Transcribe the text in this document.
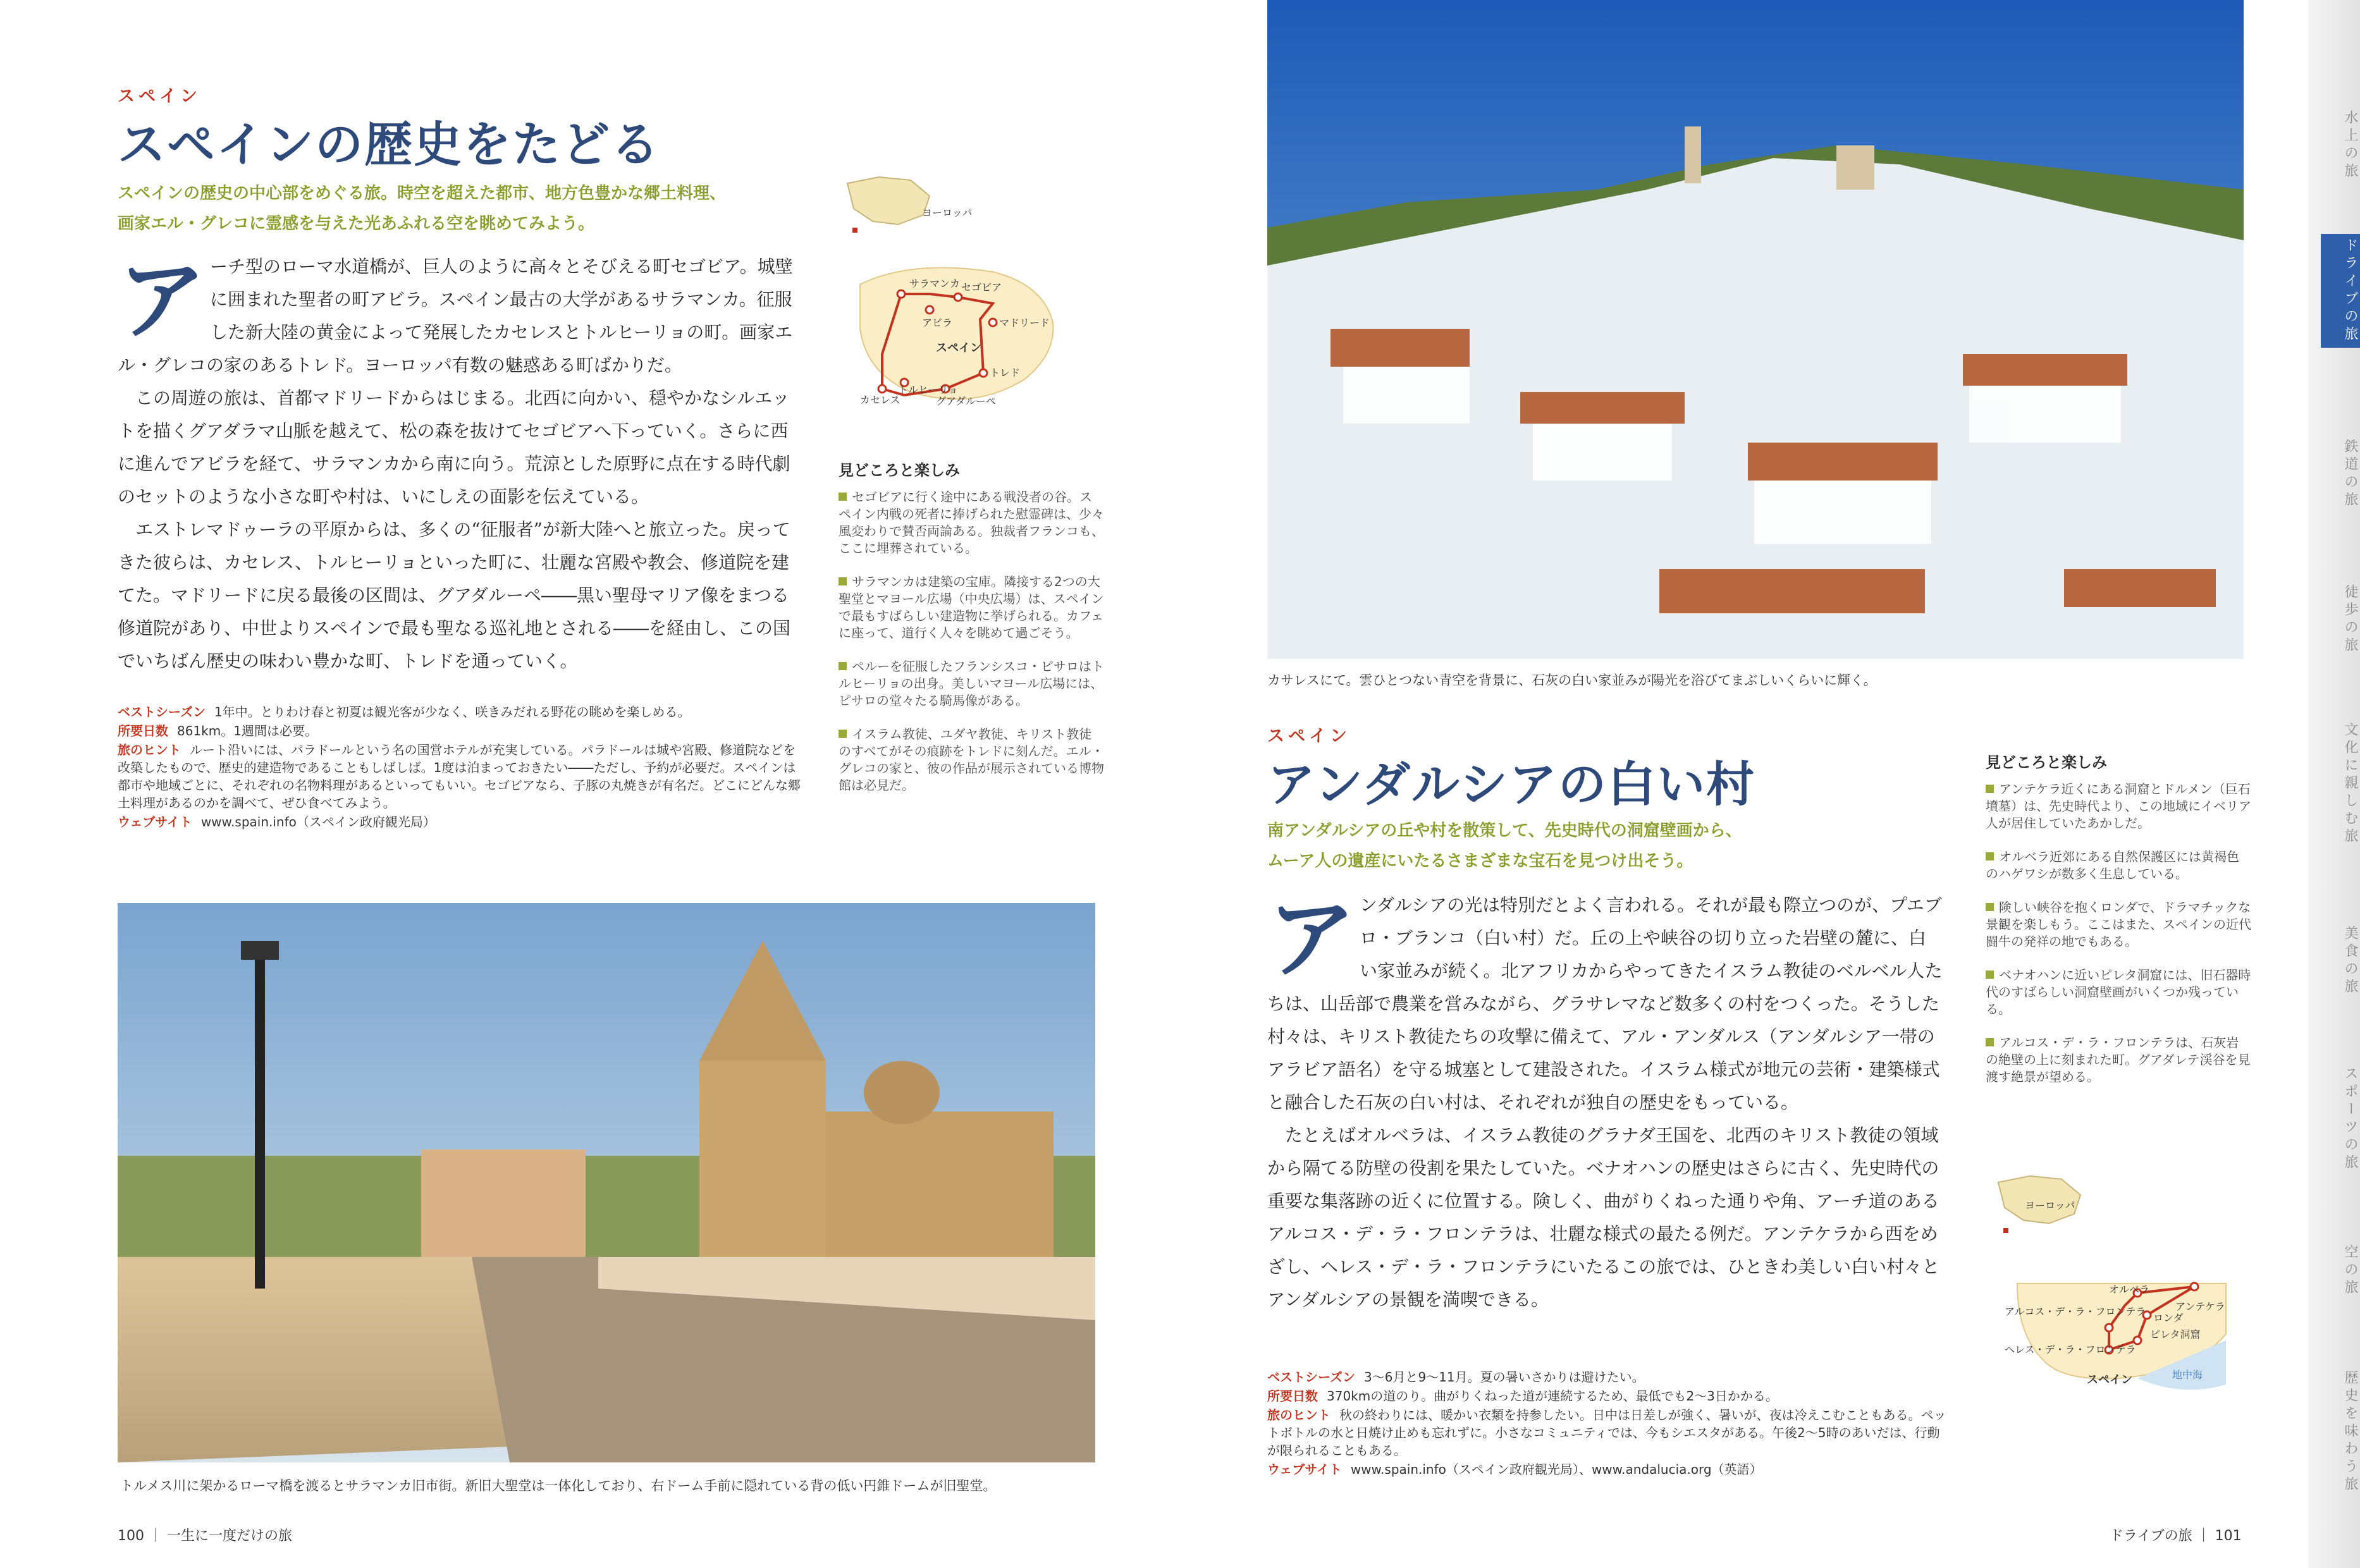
スペイン
スペインの歴史をたどる
スペインの歴史の中心部をめぐる旅。時空を超えた都市、地方色豊かな郷土料理、
画家エル・グレコに霊感を与えた光あふれる空を眺めてみよう。
ア ーチ型のローマ水道橋が、巨人のように高々とそびえる町セゴビア。城壁に囲まれた聖者の町アビラ。スペイン最古の大学があるサラマンカ。征服した新大陸の黄金によって発展したカセレスとトルヒーリョの町。画家エル・グレコの家のあるトレド。ヨーロッパ有数の魅惑ある町ばかりだ。

この周遊の旅は、首都マドリードからはじまる。北西に向かい、穏やかなシルエットを描くグアダラマ山脈を越えて、松の森を抜けてセゴビアへ下っていく。さらに西に進んでアビラを経て、サラマンカから南に向う。荒涼とした原野に点在する時代劇のセットのような小さな町や村は、いにしえの面影を伝えている。

エストレマドゥーラの平原からは、多くの“征服者”が新大陸へと旅立った。戻ってきた彼らは、カセレス、トルヒーリョといった町に、壮麗な宮殿や教会、修道院を建てた。マドリードに戻る最後の区間は、グアダルーペ――黒い聖母マリア像をまつる修道院があり、中世よりスペインで最も聖なる巡礼地とされる――を経由し、この国でいちばん歴史の味わい豊かな町、トレドを通っていく。

ベストシーズン 1年中。とりわけ春と初夏は観光客が少なく、咲きみだれる野花の眺めを楽しめる。
所要日数 861km。1週間は必要。
旅のヒント ルート沿いには、パラドールという名の国営ホテルが充実している。パラドールは城や宮殿、修道院などを改築したもので、歴史的建造物であることもしばしば。1度は泊まっておきたい――ただし、予約が必要だ。スペインは都市や地域ごとに、それぞれの名物料理があるといってもいい。セゴビアなら、子豚の丸焼きが有名だ。どこにどんな郷土料理があるのかを調べて、ぜひ食べてみよう。
ウェブサイト www.spain.info（スペイン政府観光局）
ヨーロッパ
サラマンカ セゴビア
アビラ	マドリード
トレド
トルヒーリョ
カセレス	グアダルーペ
スペイン
見どころと楽しみ
セゴビアに行く途中にある戦没者の谷。スペイン内戦の死者に捧げられた慰霊碑は、少々風変わりで賛否両論ある。独裁者フランコも、ここに埋葬されている。
サラマンカは建築の宝庫。隣接する2つの大聖堂とマヨール広場（中央広場）は、スペインで最もすばらしい建造物に挙げられる。カフェに座って、道行く人々を眺めて過ごそう。
ペルーを征服したフランシスコ・ピサロはトルヒーリョの出身。美しいマヨール広場には、ピサロの堂々たる騎馬像がある。
イスラム教徒、ユダヤ教徒、キリスト教徒のすべてがその痕跡をトレドに刻んだ。エル・グレコの家と、彼の作品が展示されている博物館は必見だ。
トルメス川に架かるローマ橋を渡るとサラマンカ旧市街。新旧大聖堂は一体化しており、右ドーム手前に隠れている背の低い円錐ドームが旧聖堂。
100 ｜ 一生に一度だけの旅
カサレスにて。雲ひとつない青空を背景に、石灰の白い家並みが陽光を浴びてまぶしいくらいに輝く。
スペイン
アンダルシアの白い村
南アンダルシアの丘や村を散策して、先史時代の洞窟壁画から、
ムーア人の遺産にいたるさまざまな宝石を見つけ出そう。
ア ンダルシアの光は特別だとよく言われる。それが最も際立つのが、プエブロ・ブランコ（白い村）だ。丘の上や峡谷の切り立った岩壁の麓に、白い家並みが続く。北アフリカからやってきたイスラム教徒のベルベル人たちは、山岳部で農業を営みながら、グラサレマなど数多くの村をつくった。そうした村々は、キリスト教徒たちの攻撃に備えて、アル・アンダルス（アンダルシア一帯のアラビア語名）を守る城塞として建設された。イスラム様式が地元の芸術・建築様式と融合した石灰の白い村は、それぞれが独自の歴史をもっている。

たとえばオルベラは、イスラム教徒のグラナダ王国を、北西のキリスト教徒の領域から隔てる防壁の役割を果たしていた。ベナオハンの歴史はさらに古く、先史時代の重要な集落跡の近くに位置する。険しく、曲がりくねった通りや角、アーチ道のあるアルコス・デ・ラ・フロンテラは、壮麗な様式の最たる例だ。アンテケラから西をめざし、ヘレス・デ・ラ・フロンテラにいたるこの旅では、ひときわ美しい白い村々とアンダルシアの景観を満喫できる。

ベストシーズン 3〜6月と9〜11月。夏の暑いさかりは避けたい。
所要日数 370kmの道のり。曲がりくねった道が連続するため、最低でも2〜3日かかる。
旅のヒント 秋の終わりには、暖かい衣類を持参したい。日中は日差しが強く、暑いが、夜は冷えこむこともある。ペットボトルの水と日焼け止めも忘れずに。小さなコミュニティでは、今もシエスタがある。午後2〜5時のあいだは、行動が限られることもある。
ウェブサイト www.spain.info（スペイン政府観光局）、www.andalucia.org（英語）
見どころと楽しみ
アンテケラ近くにある洞窟とドルメン（巨石墳墓）は、先史時代より、この地域にイベリア人が居住していたあかしだ。
オルベラ近郊にある自然保護区には黄褐色のハゲワシが数多く生息している。
険しい峡谷を抱くロンダで、ドラマチックな景観を楽しもう。ここはまた、スペインの近代闘牛の発祥の地でもある。
ベナオハンに近いピレタ洞窟には、旧石器時代のすばらしい洞窟壁画がいくつか残っている。
アルコス・デ・ラ・フロンテラは、石灰岩の絶壁の上に刻まれた町。グアダレテ渓谷を見渡す絶景が望める。
ヨーロッパ
オルベラ
アンテケラ
アルコス・デ・ラ・フロンテラ
ロンダ
ピレタ洞窟
ヘレス・デ・ラ・フロンテラ
スペイン	地中海
ドライブの旅 ｜ 101
水上の旅
ドライブの旅
鉄道の旅
徒歩の旅
文化に親しむ旅
美食の旅
スポーツの旅
空の旅
歴史を味わう旅
